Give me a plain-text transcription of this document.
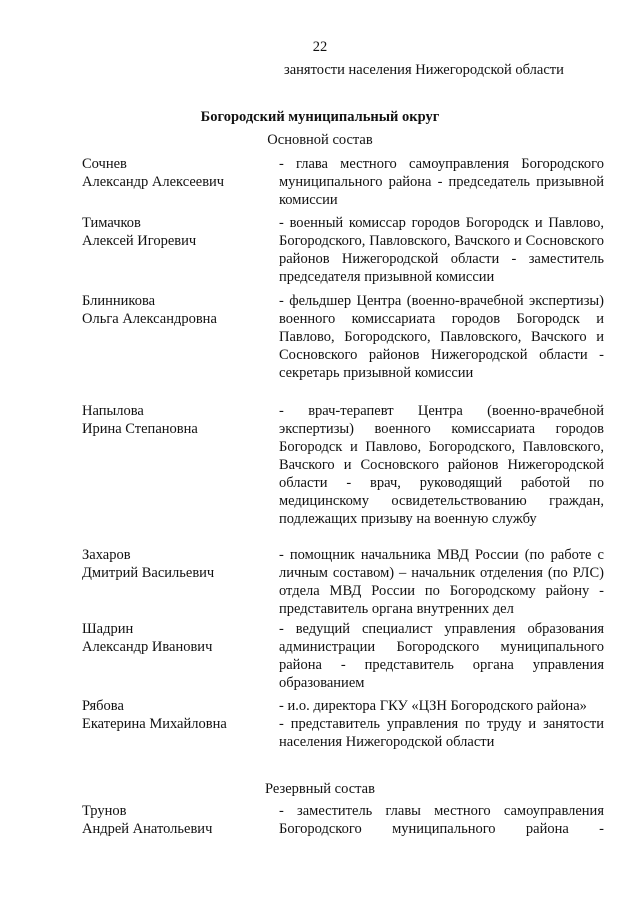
22
занятости населения Нижегородской области
Богородский муниципальный округ
Основной состав
Сочнев
Александр Алексеевич

- глава местного самоуправления Богородского муниципального района - председатель призывной комиссии

Тимачков
Алексей Игоревич

- военный комиссар городов Богородск и Павлово, Богородского, Павловского, Вачского и Сосновского районов Нижегородской области - заместитель председателя призывной комиссии

Блинникова
Ольга Александровна

- фельдшер Центра (военно-врачебной экспертизы) военного комиссариата городов Богородск и Павлово, Богородского, Павловского, Вачского и Сосновского районов Нижегородской области - секретарь призывной комиссии

Напылова
Ирина Степановна

- врач-терапевт Центра (военно-врачебной экспертизы) военного комиссариата городов Богородск и Павлово, Богородского, Павловского, Вачского и Сосновского районов Нижегородской области - врач, руководящий работой по медицинскому освидетельствованию граждан, подлежащих призыву на военную службу

Захаров
Дмитрий Васильевич

- помощник начальника МВД России (по работе с личным составом) – начальник отделения (по РЛС) отдела МВД России по Богородскому району - представитель органа внутренних дел

Шадрин
Александр Иванович

- ведущий специалист управления образования администрации Богородского муниципального района - представитель органа управления образованием

Рябова
Екатерина Михайловна

- и.о. директора ГКУ «ЦЗН Богородского района»

- представитель управления по труду и занятости населения Нижегородской области

Резервный состав
Трунов
Андрей Анатольевич

- заместитель главы местного самоуправления Богородского муниципального района -
